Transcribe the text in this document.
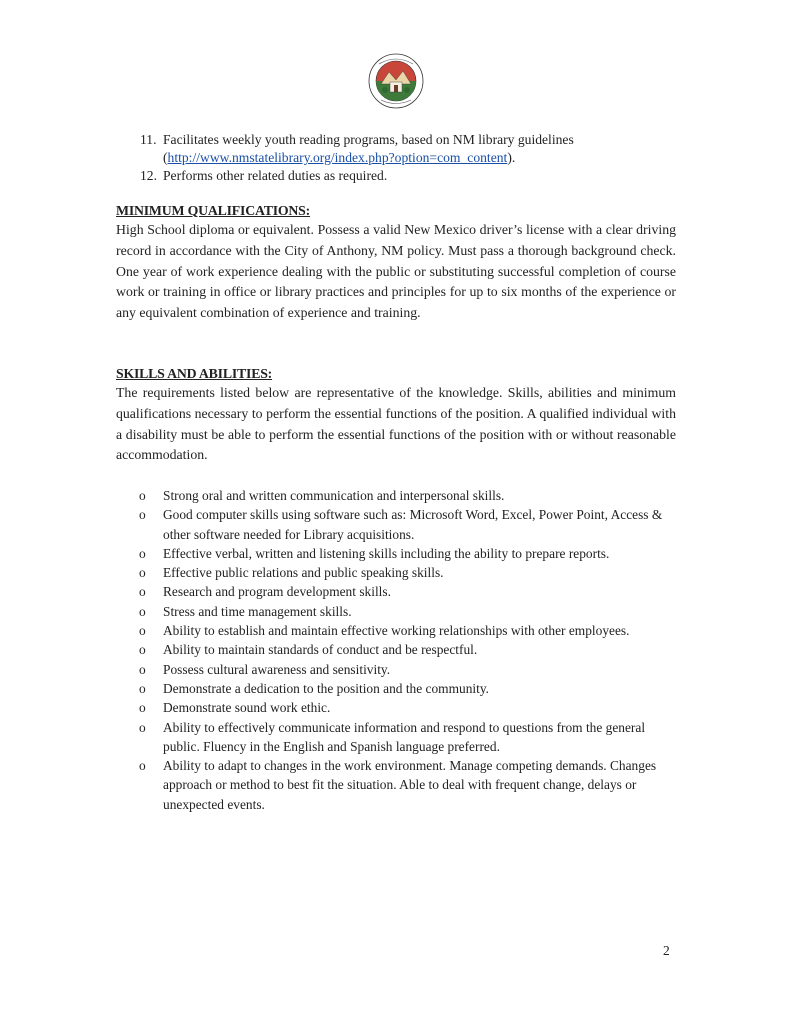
11. Facilitates weekly youth reading programs, based on NM library guidelines
(http://www.nmstatelibrary.org/index.php?option=com_content).
12. Performs other related duties as required.
MINIMUM QUALIFICATIONS:
High School diploma or equivalent. Possess a valid New Mexico driver’s license with a clear driving record in accordance with the City of Anthony, NM policy. Must pass a thorough background check. One year of work experience dealing with the public or substituting successful completion of course work or training in office or library practices and principles for up to six months of the experience or any equivalent combination of experience and training.
SKILLS AND ABILITIES:
The requirements listed below are representative of the knowledge. Skills, abilities and minimum qualifications necessary to perform the essential functions of the position. A qualified individual with a disability must be able to perform the essential functions of the position with or without reasonable accommodation.
o Strong oral and written communication and interpersonal skills.
o Good computer skills using software such as: Microsoft Word, Excel, Power Point, Access & other software needed for Library acquisitions.
o Effective verbal, written and listening skills including the ability to prepare reports.
o Effective public relations and public speaking skills.
o Research and program development skills.
o Stress and time management skills.
o Ability to establish and maintain effective working relationships with other employees.
o Ability to maintain standards of conduct and be respectful.
o Possess cultural awareness and sensitivity.
o Demonstrate a dedication to the position and the community.
o Demonstrate sound work ethic.
o Ability to effectively communicate information and respond to questions from the general public. Fluency in the English and Spanish language preferred.
o Ability to adapt to changes in the work environment. Manage competing demands. Changes approach or method to best fit the situation. Able to deal with frequent change, delays or unexpected events.
2
